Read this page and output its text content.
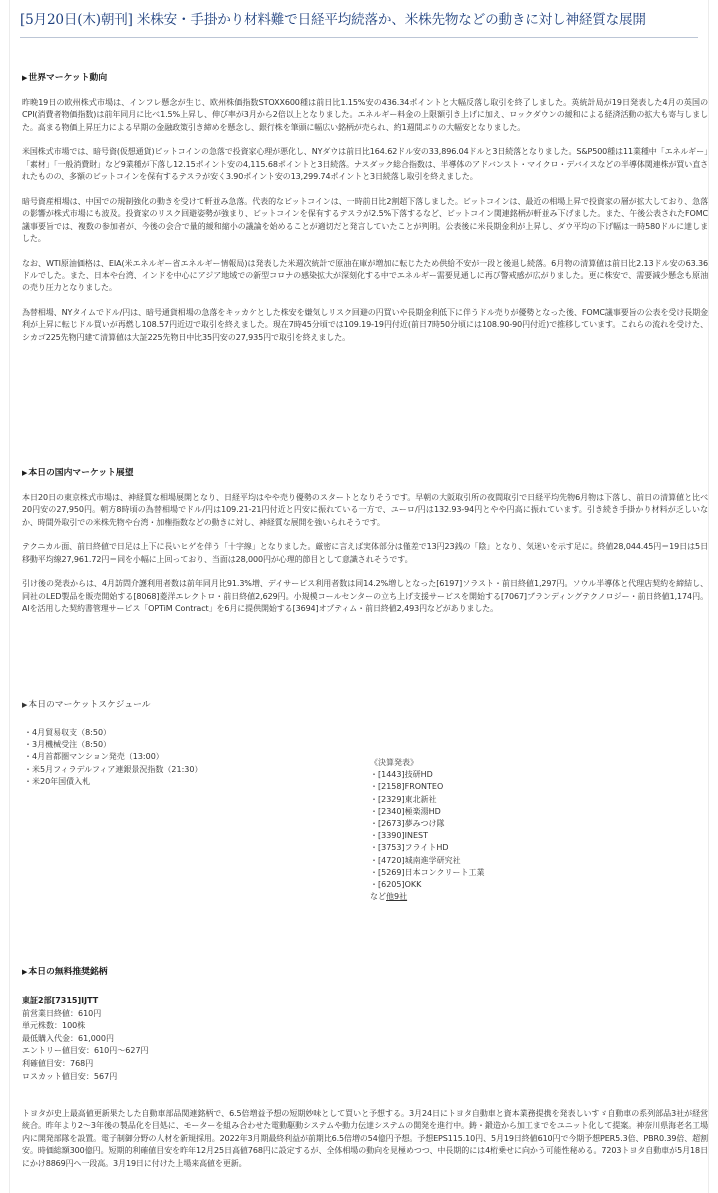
[5月20日(木)朝刊] 米株安・手掛かり材料難で日経平均続落か、米株先物などの動きに対し神経質な展開
▶世界マーケット動向

昨晩19日の欧州株式市場は、インフレ懸念が生じ、欧州株価指数STOXX600種は前日比1.15%安の436.34ポイントと大幅反落し取引を終了しました。英統計局が19日発表した4月の英国のCPI(消費者物価指数)は前年同月に比べ1.5%上昇し、伸び率が3月から2倍以上となりました。エネルギー料金の上限額引き上げに加え、ロックダウンの緩和による経済活動の拡大も寄与しました。高まる物価上昇圧力による早期の金融政策引き締めを懸念し、銀行株を筆頭に幅広い銘柄が売られ、約1週間ぶりの大幅安となりました。

米国株式市場では、暗号資(仮想通貨)ビットコインの急落で投資家心理が悪化し、NYダウは前日比164.62ドル安の33,896.04ドルと3日続落となりました。S&P500種は11業種中「エネルギー」「素材」「一般消費財」など9業種が下落し12.15ポイント安の4,115.68ポイントと3日続落。ナスダック総合指数は、半導体のアドバンスト・マイクロ・デバイスなどの半導体関連株が買い直されたものの、多額のビットコインを保有するテスラが安く3.90ポイント安の13,299.74ポイントと3日続落し取引を終えました。

暗号資産相場は、中国での規制強化の動きを受けて軒並み急落。代表的なビットコインは、一時前日比2割超下落しました。ビットコインは、最近の相場上昇で投資家の層が拡大しており、急落の影響が株式市場にも波及。投資家のリスク回避姿勢が強まり、ビットコインを保有するテスラが2.5%下落するなど、ビットコイン関連銘柄が軒並み下げました。また、午後公表されたFOMC議事要旨では、複数の参加者が、今後の会合で量的緩和縮小の議論を始めることが適切だと発言していたことが判明。公表後に米長期金利が上昇し、ダウ平均の下げ幅は一時580ドルに達しました。

なお、WTI原油価格は、EIA(米エネルギー省エネルギー情報局)は発表した米週次統計で原油在庫が増加に転じたため供給不安が一段と後退し続落。6月物の清算値は前日比2.13ドル安の63.36ドルでした。また、日本や台湾、インドを中心にアジア地域での新型コロナの感染拡大が深刻化する中でエネルギー需要見通しに再び警戒感が広がりました。更に株安で、需要減少懸念も原油の売り圧力となりました。

為替相場、NYタイムでドル/円は、暗号通貨相場の急落をキッカケとした株安を嫌気しリスク回避の円買いや長期金利低下に伴うドル売りが優勢となった後、FOMC議事要旨の公表を受け長期金利が上昇に転じドル買いが再燃し108.57円近辺で取引を終えました。現在7時45分頃では109.19-19円付近(前日7時50分頃には108.90-90円付近)で推移しています。これらの流れを受けた、シカゴ225先物円建て清算値は大証225先物日中比35円安の27,935円で取引を終えました。

▶本日の国内マーケット展望

本日20日の東京株式市場は、神経質な相場展開となり、日経平均はやや売り優勢のスタートとなりそうです。早朝の大阪取引所の夜間取引で日経平均先物6月物は下落し、前日の清算値と比べ20円安の27,950円。朝方8時頃の為替相場でドル/円は109.21-21円付近と円安に振れている一方で、ユーロ/円は132.93-94円とやや円高に振れています。引き続き手掛かり材料が乏しいなか、時間外取引での米株先物や台湾・加権指数などの動きに対し、神経質な展開を強いられそうです。

テクニカル面、前日終値で日足は上下に長いヒゲを伴う「十字線」となりました。厳密に言えば実体部分は僅差で13円23銭の「陰」となり、気迷いを示す足に。終値28,044.45円＝19日は5日移動平均線27,961.72円＝同を小幅に上回っており、当面は28,000円が心理的節目として意識されそうです。

引け後の発表からは、4月訪問介護利用者数は前年同月比91.3%増、デイサービス利用者数は同14.2%増しとなった[6197]ソラスト・前日終値1,297円。ソウル半導体と代理店契約を締結し、同社のLED製品を販売開始する[8068]菱洋エレクトロ・前日終値2,629円。小規模コールセンターの立ち上げ支援サービスを開始する[7067]ブランディングテクノロジー・前日終値1,174円。AIを活用した契約書管理サービス「OPTiM Contract」を6月に提供開始する[3694]オプティム・前日終値2,493円などがありました。

▶本日のマーケットスケジュール
・4月貿易収支（8:50）
・3月機械受注（8:50）
・4月首都圏マンション発売（13:00）
・米5月フィラデルフィア連銀景況指数（21:30）
・米20年国債入札
《決算発表》
・[1443]技研HD
・[2158]FRONTEO
・[2329]東北新社
・[2340]極楽湯HD
・[2673]夢みつけ隊
・[3390]INEST
・[3753]フライトHD
・[4720]城南進学研究社
・[5269]日本コンクリート工業
・[6205]OKK
など他9社
▶本日の無料推奨銘柄
東証2部[7315]IJTT
前営業日終値：610円
単元株数：100株
最低購入代金：61,000円
エントリー値目安：610円～627円
利確値目安：768円
ロスカット値目安：567円

トヨタが史上最高値更新果たした自動車部品関連銘柄で、6.5倍増益予想の短期妙味として買いと予想する。3月24日にトヨタ自動車と資本業務提携を発表しいすゞ自動車の系列部品3社が経営統合。昨年より2～3年後の製品化を目処に、モーターを組み合わせた電動駆動システムや動力伝達システムの開発を進行中。鋳・鍛造から加工までをユニット化して提案。神奈川県海老名工場内に開発部隊を設置。電子制御分野の人材を新規採用。2022年3月期最終利益が前期比6.5倍増の54億円予想。予想EPS115.10円、5月19日終値610円で今期予想PER5.3倍、PBR0.39倍、超割安。時価総額300億円。短期的利確値目安を昨年12月25日高値768円に設定するが、全体相場の動向を見極めつつ、中長期的には4桁乗せに向かう可能性秘める。7203トヨタ自動車が5月18日にかけ8869円へ一段高。3月19日に付けた上場来高値を更新。
